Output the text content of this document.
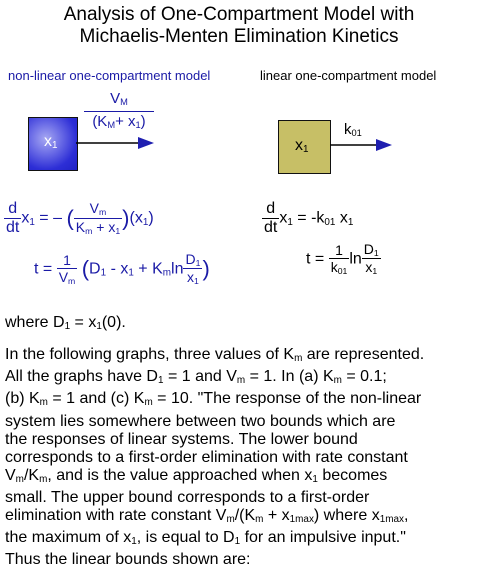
Analysis of One-Compartment Model with
Michaelis-Menten Elimination Kinetics
non-linear one-compartment model	linear one-compartment model
$x_1$
$V_M$
$(K_M+ x_1)$
$x_1$
$k_{01}$
$\frac{d}{dt} x_1$ = – ( $\frac{V_m}{K_m + x_1} )(x_1)$
$t = \frac{1}{V_m} (D_1 - x_1 + K_m\ln \frac{D_1}{x_1}$ )
$\frac{d}{dt} x_1 = -k_{01}$ $x_1$
$t = \frac{1}{k_{01}}$ $\ln \frac{D_1}{x_1}$
where $D_1 = x_1(0)$.
In the following graphs, three values of $K_m$ are represented.
All the graphs have $D_1 = 1$ and $V_m = 1$. In (a) $K_m = 0.1$;
(b) $K_m = 1$ and (c) $K_m = 10$. "The response of the non-linear
system lies somewhere between two bounds which are
the responses of linear systems. The lower bound
corresponds to a first-order elimination with rate constant
$V_m/K_m$, and is the value approached when $x_1$ becomes
small. The upper bound corresponds to a first-order
elimination with rate constant $V_m/(K_m + x_{1max})$ where $x_{1max}$,
the maximum of $x_1$, is equal to $D_1$ for an impulsive input."
Thus the linear bounds shown are:
